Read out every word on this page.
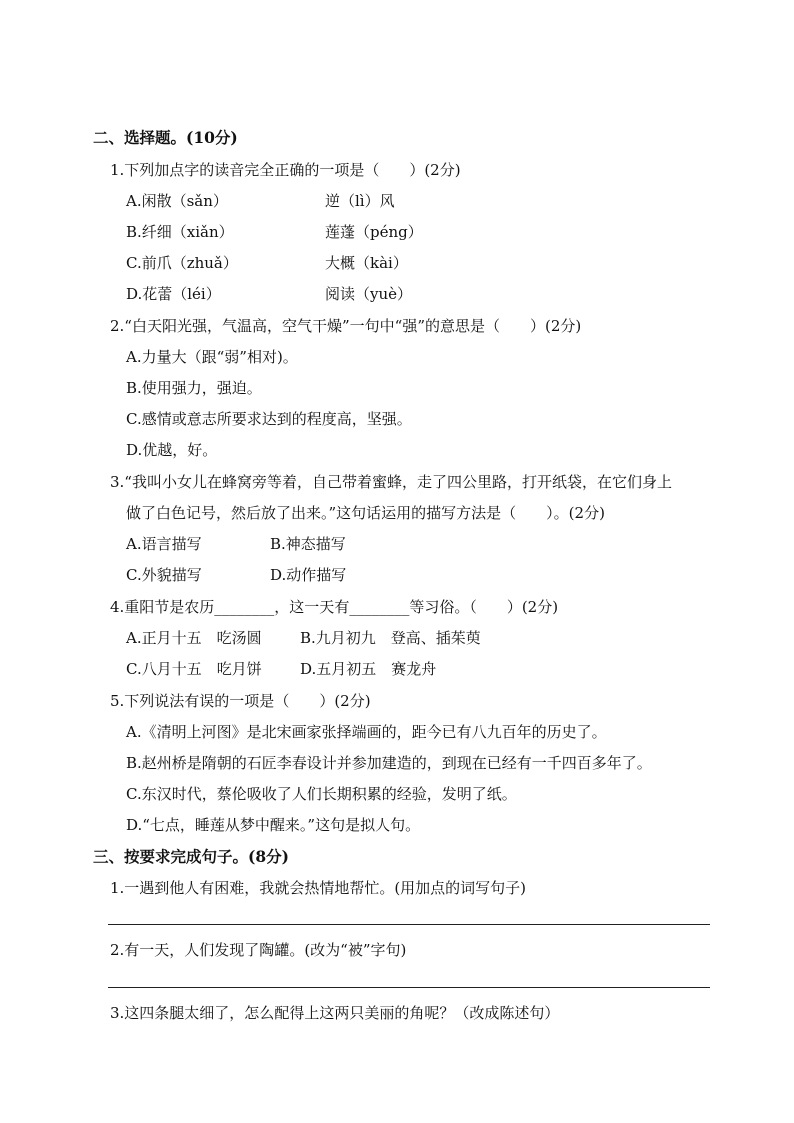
二、选择题。(10分)
1.下列加点字的读音完全正确的一项是（　　）(2分)
A.闲散（sǎn）	逆（lì）风
B.纤细（xiǎn）	莲蓬（péng）
C.前爪（zhuǎ）	大概（kài）
D.花蕾（léi）	阅读（yuè）
2.“白天阳光强，气温高，空气干燥”一句中“强”的意思是（　　）(2分)
A.力量大（跟“弱”相对)。
B.使用强力，强迫。
C.感情或意志所要求达到的程度高，坚强。
D.优越，好。
3.“我叫小女儿在蜂窝旁等着，自己带着蜜蜂，走了四公里路，打开纸袋，在它们身上
做了白色记号，然后放了出来。”这句话运用的描写方法是（　　）。(2分)
A.语言描写	B.神态描写
C.外貌描写	D.动作描写
4.重阳节是农历________，这一天有________等习俗。（　　）(2分)
A.正月十五　吃汤圆	B.九月初九　登高、插茱萸
C.八月十五　吃月饼	D.五月初五　赛龙舟
5.下列说法有误的一项是（　　）(2分)
A.《清明上河图》是北宋画家张择端画的，距今已有八九百年的历史了。
B.赵州桥是隋朝的石匠李春设计并参加建造的，到现在已经有一千四百多年了。
C.东汉时代，蔡伦吸收了人们长期积累的经验，发明了纸。
D.“七点，睡莲从梦中醒来。”这句是拟人句。
三、按要求完成句子。(8分)
1.一遇到他人有困难，我就会热情地帮忙。(用加点的词写句子)
2.有一天，人们发现了陶罐。(改为“被”字句)
3.这四条腿太细了，怎么配得上这两只美丽的角呢？（改成陈述句）
